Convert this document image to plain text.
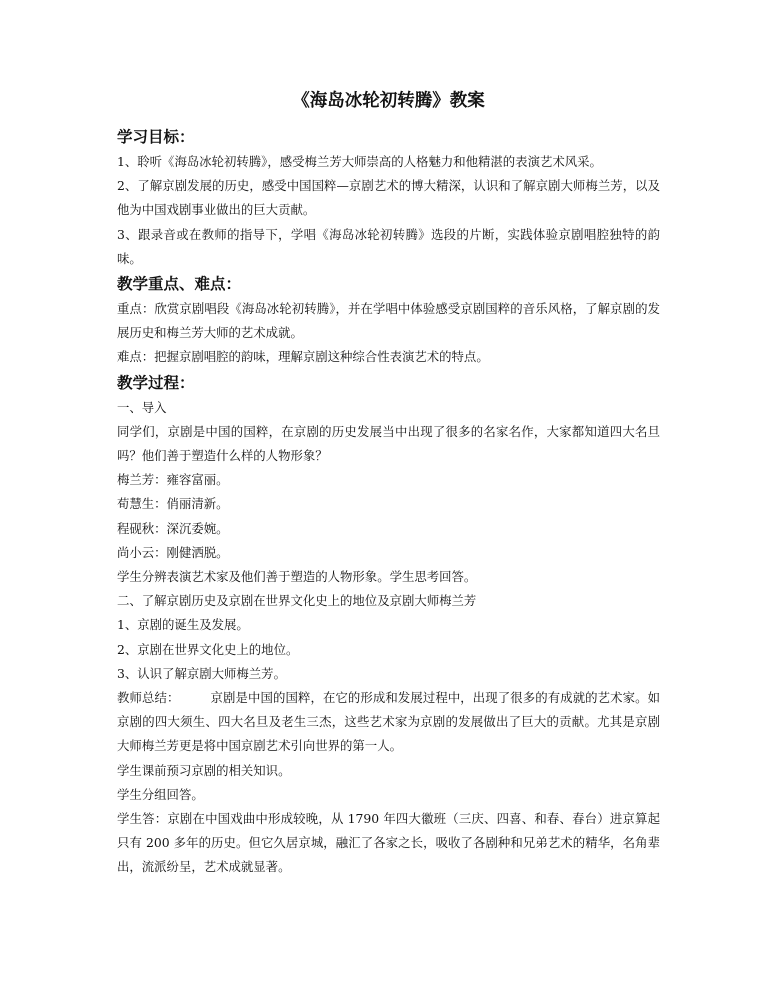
《海岛冰轮初转腾》教案
学习目标：

1、聆听《海岛冰轮初转腾》，感受梅兰芳大师崇高的人格魅力和他精湛的表演艺术风采。

2、了解京剧发展的历史，感受中国国粹—京剧艺术的博大精深，认识和了解京剧大师梅兰芳，以及他为中国戏剧事业做出的巨大贡献。

3、跟录音或在教师的指导下，学唱《海岛冰轮初转腾》选段的片断，实践体验京剧唱腔独特的韵味。

教学重点、难点：

重点：欣赏京剧唱段《海岛冰轮初转腾》，并在学唱中体验感受京剧国粹的音乐风格，了解京剧的发展历史和梅兰芳大师的艺术成就。

难点：把握京剧唱腔的韵味，理解京剧这种综合性表演艺术的特点。

教学过程：

一、导入

同学们，京剧是中国的国粹，在京剧的历史发展当中出现了很多的名家名作，大家都知道四大名旦吗？他们善于塑造什么样的人物形象？

梅兰芳：雍容富丽。

荀慧生：俏丽清新。

程砚秋：深沉委婉。

尚小云：刚健洒脱。

学生分辨表演艺术家及他们善于塑造的人物形象。学生思考回答。

二、了解京剧历史及京剧在世界文化史上的地位及京剧大师梅兰芳

1、京剧的诞生及发展。

2、京剧在世界文化史上的地位。

3、认识了解京剧大师梅兰芳。

教师总结：	京剧是中国的国粹，在它的形成和发展过程中，出现了很多的有成就的艺术家。如京剧的四大须生、四大名旦及老生三杰，这些艺术家为京剧的发展做出了巨大的贡献。尤其是京剧大师梅兰芳更是将中国京剧艺术引向世界的第一人。

学生课前预习京剧的相关知识。

学生分组回答。

学生答：京剧在中国戏曲中形成较晚，从 1790 年四大徽班（三庆、四喜、和春、春台）进京算起只有 200 多年的历史。但它久居京城，融汇了各家之长，吸收了各剧种和兄弟艺术的精华，名角辈出，流派纷呈，艺术成就显著。
